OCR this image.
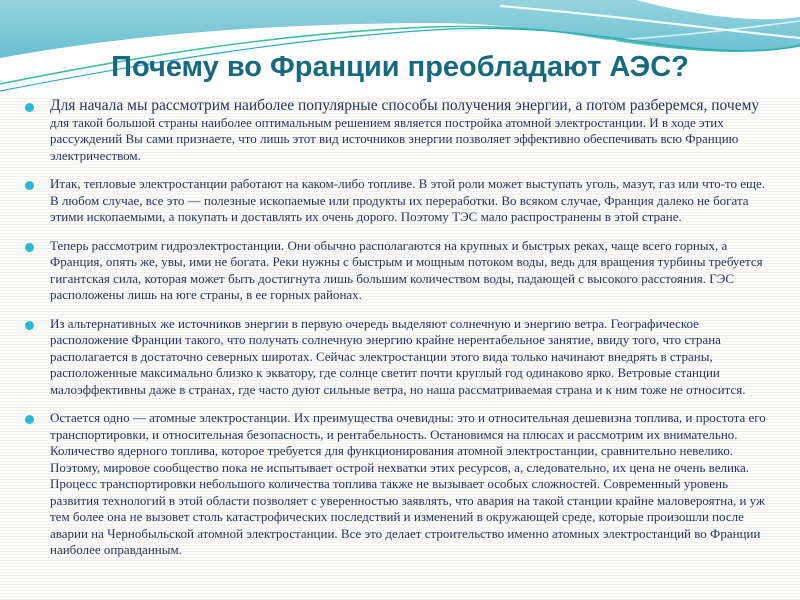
Почему во Франции преобладают АЭС?

Для начала мы рассмотрим наиболее популярные способы получения энергии, а потом разберемся, почему для такой большой страны наиболее оптимальным решением является постройка атомной электростанции. И в ходе этих рассуждений Вы сами признаете, что лишь этот вид источников энергии позволяет эффективно обеспечивать всю Францию электричеством.

Итак, тепловые электростанции работают на каком-либо топливе. В этой роли может выступать уголь, мазут, газ или что-то еще. В любом случае, все это — полезные ископаемые или продукты их переработки. Во всяком случае, Франция далеко не богата этими ископаемыми, а покупать и доставлять их очень дорого. Поэтому ТЭС мало распространены в этой стране.

Теперь рассмотрим гидроэлектростанции. Они обычно располагаются на крупных и быстрых реках, чаще всего горных, а Франция, опять же, увы, ими не богата. Реки нужны с быстрым и мощным потоком воды, ведь для вращения турбины требуется гигантская сила, которая может быть достигнута лишь большим количеством воды, падающей с высокого расстояния. ГЭС расположены лишь на юге страны, в ее горных районах.

Из альтернативных же источников энергии в первую очередь выделяют солнечную и энергию ветра. Географическое расположение Франции такого, что получать солнечную энергию крайне нерентабельное занятие, ввиду того, что страна располагается в достаточно северных широтах. Сейчас электростанции этого вида только начинают внедрять в страны, расположенные максимально близко к экватору, где солнце светит почти круглый год одинаково ярко. Ветровые станции малоэффективны даже в странах, где часто дуют сильные ветра, но наша рассматриваемая страна и к ним тоже не относится.

Остается одно — атомные электростанции. Их преимущества очевидны: это и относительная дешевизна топлива, и простота его транспортировки, и относительная безопасность, и рентабельность. Остановимся на плюсах и рассмотрим их внимательно. Количество ядерного топлива, которое требуется для функционирования атомной электростанции, сравнительно невелико. Поэтому, мировое сообщество пока не испытывает острой нехватки этих ресурсов, а, следовательно, их цена не очень велика. Процесс транспортировки небольшого количества топлива также не вызывает особых сложностей. Современный уровень развития технологий в этой области позволяет с уверенностью заявлять, что авария на такой станции крайне маловероятна, и уж тем более она не вызовет столь катастрофических последствий и изменений в окружающей среде, которые произошли после аварии на Чернобыльской атомной электростанции. Все это делает строительство именно атомных электростанций во Франции наиболее оправданным.
